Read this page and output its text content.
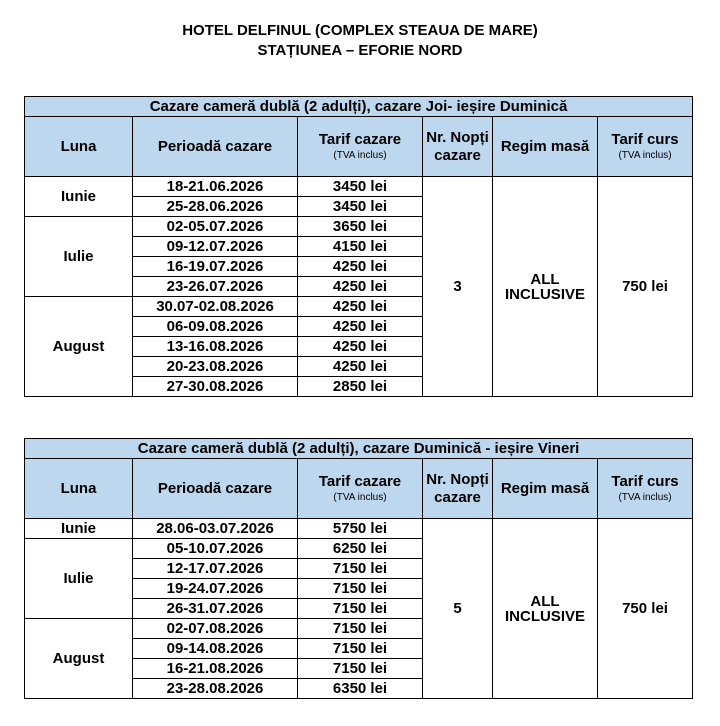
HOTEL DELFINUL (COMPLEX STEAUA DE MARE)
STAȚIUNEA – EFORIE NORD
Cazare cameră dublă (2 adulți), cazare Joi- ieșire Duminică					
Luna	Perioadă cazare	Tarif cazare
(TVA inclus)	Nr. Nopți cazare	Regim masă	Tarif curs
(TVA inclus)

Iunie	18-21.06.2026	3450 lei	3	ALL INCLUSIVE	750 lei
	25-28.06.2026	3450 lei			
Iulie	02-05.07.2026	3650 lei			
	09-12.07.2026	4150 lei			
	16-19.07.2026	4250 lei			
	23-26.07.2026	4250 lei			
August	30.07-02.08.2026	4250 lei			
	06-09.08.2026	4250 lei			
	13-16.08.2026	4250 lei			
	20-23.08.2026	4250 lei			
	27-30.08.2026	2850 lei			
Cazare cameră dublă (2 adulți), cazare Duminică - ieșire Vineri					
Luna	Perioadă cazare	Tarif cazare
(TVA inclus)	Nr. Nopți cazare	Regim masă	Tarif curs
(TVA inclus)

Iunie	28.06-03.07.2026	5750 lei	5	ALL INCLUSIVE	750 lei
Iulie	05-10.07.2026	6250 lei			
	12-17.07.2026	7150 lei			
	19-24.07.2026	7150 lei			
	26-31.07.2026	7150 lei			
August	02-07.08.2026	7150 lei			
	09-14.08.2026	7150 lei			
	16-21.08.2026	7150 lei			
	23-28.08.2026	6350 lei			
